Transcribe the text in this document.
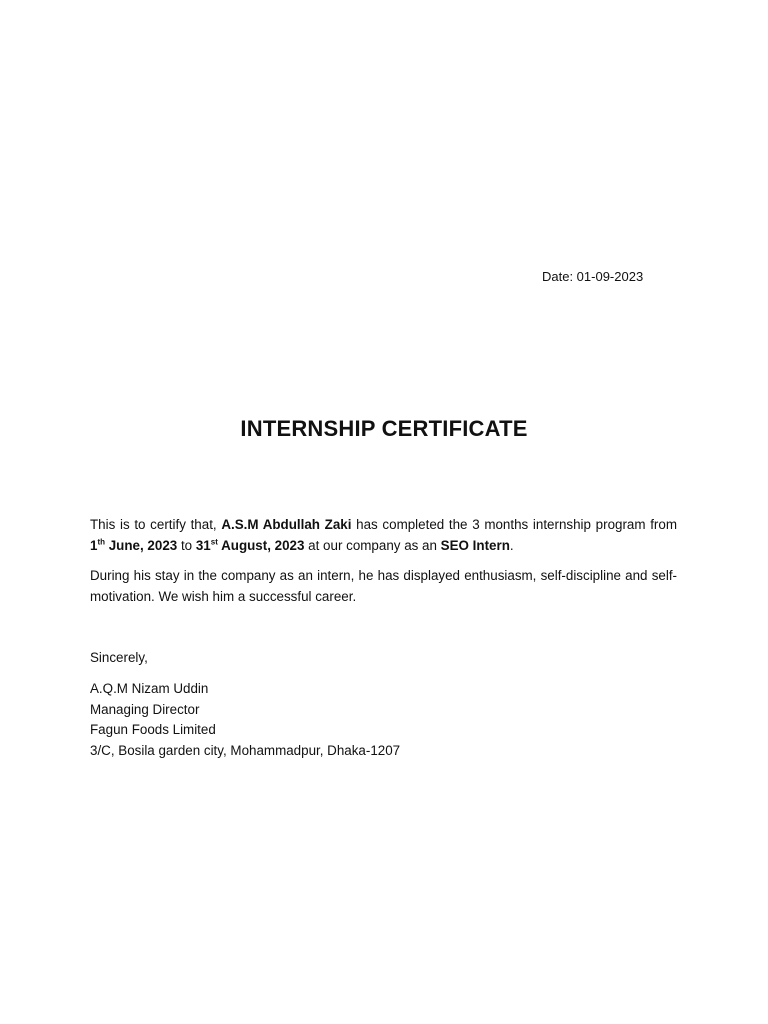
Date: 01-09-2023
INTERNSHIP CERTIFICATE

This is to certify that, A.S.M Abdullah Zaki has completed the 3 months internship program from 1th June, 2023 to 31st August, 2023 at our company as an SEO Intern.

During his stay in the company as an intern, he has displayed enthusiasm, self-discipline and self-motivation. We wish him a successful career.

Sincerely,
A.Q.M Nizam Uddin
Managing Director
Fagun Foods Limited
3/C, Bosila garden city, Mohammadpur, Dhaka-1207
